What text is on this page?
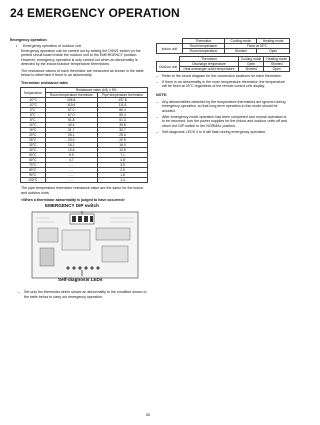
24 EMERGENCY OPERATION
Emergency operation
•	Emergency operation of outdoor unit
Emergency operation can be carried out by setting the DSW1 switch on the printed circuit board inside the outdoor unit to the EMERGENCY position. However, emergency operation is only carried out when an abnormality is detected by the indoor/outdoor temperature thermistors.
The resistance values of each thermistor are measured as shown in the table below to determine if there is an abnormality.
Thermistor resistance table
Temperature	Resistance value (kΩ) ± 5%	
	Room temperature thermistor	Pipe temperature thermistor
-20°C	206.8	197.8
-10°C	119.6	111.8
0°C	67.0	66.4
5°C	67.0	55.4
5°C	51.8	51.3
10°C	40.4	39.8
15°C	31.7	30.7
20°C	25.1	25.0
25°C	20.0	20.5
30°C	16.1	16.0
40°C	10.6	10.6
50°C	6.9	7.1
60°C	4.7	4.8
70°C	......	3.5
80°C	......	2.5
90°C	......	1.8
100°C	......	1.4
The pipe temperature thermistor resistance value are the same for the indoor and outdoor units.
<When a thermistor abnormality is judged to have occurred>
EMERGENCY DIP switch
Self-diagnosis LEDs
–	Set only the thermistor which shows an abnormality to the condition shown in the table below to carry out emergency operation
	Thermistor	Cooling mode	Heating mode
Indoor unit	Room temperature	Fixed at 25°C	
	Room temperature	Shorted	Open
	Thermistor	Cooling mode	Heating mode
Outdoor unit	Discharge temperature	Open	Shorted
	Heat exchanger outlet temperature	Shorted	Open
–	Refer to the circuit diagram for the connection locations for each thermistor.
–	If there is an abnormality in the room temperature thermistor, the temperature will be fixed at 25°C regardless of the remote control unit display.
NOTE:
–	Any abnormalities detected by the temperature thermistors are ignored during emergency operation, so that long-term operation in this mode should be avoided.
–	After emergency mode operation has been completed and normal operation is to be resumed, turn the power supplies for the indoor and outdoor units off and return the DIP switch to the NORMAL position.
–	Self-diagnosis LEDS 4 to 6 will flash during emergency operation.
55
